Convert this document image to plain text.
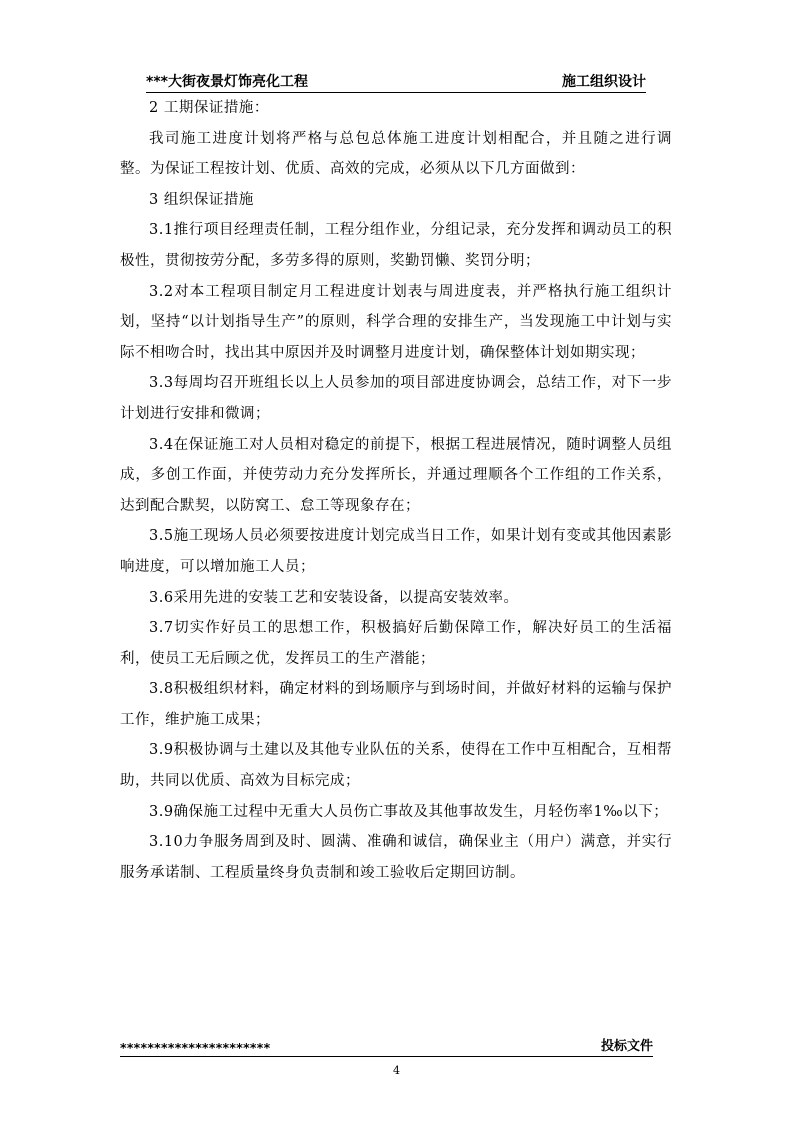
***大街夜景灯饰亮化工程	施工组织设计

2 工期保证措施：

我司施工进度计划将严格与总包总体施工进度计划相配合，并且随之进行调整。为保证工程按计划、优质、高效的完成，必须从以下几方面做到：

3 组织保证措施

3.1推行项目经理责任制，工程分组作业，分组记录，充分发挥和调动员工的积极性，贯彻按劳分配，多劳多得的原则，奖勤罚懒、奖罚分明；

3.2对本工程项目制定月工程进度计划表与周进度表，并严格执行施工组织计划，坚持“以计划指导生产”的原则，科学合理的安排生产，当发现施工中计划与实际不相吻合时，找出其中原因并及时调整月进度计划，确保整体计划如期实现；

3.3每周均召开班组长以上人员参加的项目部进度协调会，总结工作，对下一步计划进行安排和微调；

3.4在保证施工对人员相对稳定的前提下，根据工程进展情况，随时调整人员组成，多创工作面，并使劳动力充分发挥所长，并通过理顺各个工作组的工作关系，达到配合默契，以防窝工、怠工等现象存在；

3.5施工现场人员必须要按进度计划完成当日工作，如果计划有变或其他因素影响进度，可以增加施工人员；

3.6采用先进的安装工艺和安装设备，以提高安装效率。

3.7切实作好员工的思想工作，积极搞好后勤保障工作，解决好员工的生活福利，使员工无后顾之优，发挥员工的生产潜能；

3.8积极组织材料，确定材料的到场顺序与到场时间，并做好材料的运输与保护工作，维护施工成果；

3.9积极协调与土建以及其他专业队伍的关系，使得在工作中互相配合，互相帮助，共同以优质、高效为目标完成；

3.9确保施工过程中无重大人员伤亡事故及其他事故发生，月轻伤率1‰以下；

3.10力争服务周到及时、圆满、准确和诚信，确保业主（用户）满意，并实行服务承诺制、工程质量终身负责制和竣工验收后定期回访制。

**********************	投标文件
4
